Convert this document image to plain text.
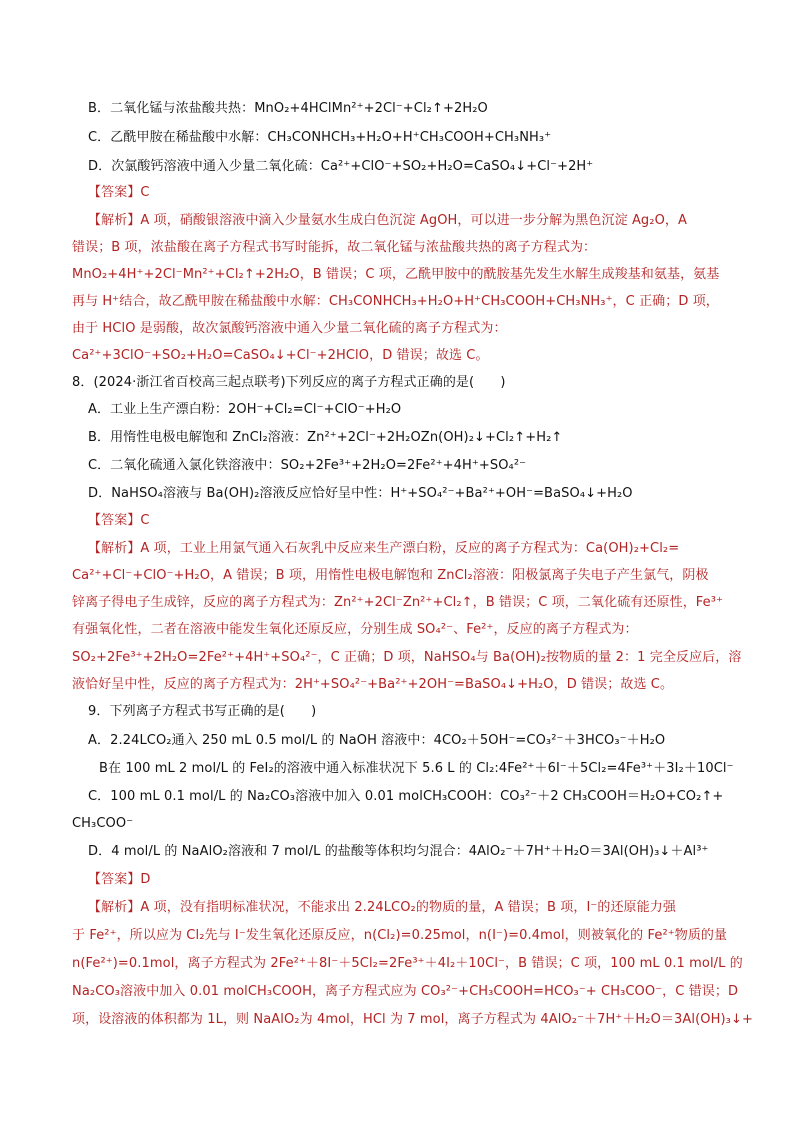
B．二氧化锰与浓盐酸共热：MnO₂+4HClMn²⁺+2Cl⁻+Cl₂↑+2H₂O
C．乙酰甲胺在稀盐酸中水解：CH₃CONHCH₃+H₂O+H⁺CH₃COOH+CH₃NH₃⁺
D．次氯酸钙溶液中通入少量二氧化硫：Ca²⁺+ClO⁻+SO₂+H₂O=CaSO₄↓+Cl⁻+2H⁺
【答案】C
【解析】A 项，硝酸银溶液中滴入少量氨水生成白色沉淀 AgOH，可以进一步分解为黑色沉淀 Ag₂O，A
错误；B 项，浓盐酸在离子方程式书写时能拆，故二氧化锰与浓盐酸共热的离子方程式为：
MnO₂+4H⁺+2Cl⁻Mn²⁺+Cl₂↑+2H₂O，B 错误；C 项，乙酰甲胺中的酰胺基先发生水解生成羧基和氨基，氨基
再与 H⁺结合，故乙酰甲胺在稀盐酸中水解：CH₃CONHCH₃+H₂O+H⁺CH₃COOH+CH₃NH₃⁺，C 正确；D 项，
由于 HClO 是弱酸，故次氯酸钙溶液中通入少量二氧化硫的离子方程式为：
Ca²⁺+3ClO⁻+SO₂+H₂O=CaSO₄↓+Cl⁻+2HClO，D 错误；故选 C。
8．(2024·浙江省百校高三起点联考)下列反应的离子方程式正确的是(　　)
A．工业上生产漂白粉：2OH⁻+Cl₂=Cl⁻+ClO⁻+H₂O
B．用惰性电极电解饱和 ZnCl₂溶液：Zn²⁺+2Cl⁻+2H₂OZn(OH)₂↓+Cl₂↑+H₂↑
C．二氧化硫通入氯化铁溶液中：SO₂+2Fe³⁺+2H₂O=2Fe²⁺+4H⁺+SO₄²⁻
D．NaHSO₄溶液与 Ba(OH)₂溶液反应恰好呈中性：H⁺+SO₄²⁻+Ba²⁺+OH⁻=BaSO₄↓+H₂O
【答案】C
【解析】A 项，工业上用氯气通入石灰乳中反应来生产漂白粉，反应的离子方程式为：Ca(OH)₂+Cl₂=
Ca²⁺+Cl⁻+ClO⁻+H₂O，A 错误；B 项，用惰性电极电解饱和 ZnCl₂溶液：阳极氯离子失电子产生氯气，阴极
锌离子得电子生成锌，反应的离子方程式为：Zn²⁺+2Cl⁻Zn²⁺+Cl₂↑，B 错误；C 项，二氧化硫有还原性，Fe³⁺
有强氧化性，二者在溶液中能发生氧化还原反应，分别生成 SO₄²⁻、Fe²⁺，反应的离子方程式为：
SO₂+2Fe³⁺+2H₂O=2Fe²⁺+4H⁺+SO₄²⁻，C 正确；D 项，NaHSO₄与 Ba(OH)₂按物质的量 2：1 完全反应后，溶
液恰好呈中性，反应的离子方程式为：2H⁺+SO₄²⁻+Ba²⁺+2OH⁻=BaSO₄↓+H₂O，D 错误；故选 C。
9．下列离子方程式书写正确的是(　　)
A．2.24LCO₂通入 250 mL 0.5 mol/L 的 NaOH 溶液中：4CO₂＋5OH⁻=CO₃²⁻＋3HCO₃⁻＋H₂O
B在 100 mL 2 mol/L 的 FeI₂的溶液中通入标准状况下 5.6 L 的 Cl₂:4Fe²⁺＋6I⁻＋5Cl₂=4Fe³⁺＋3I₂＋10Cl⁻
C．100 mL 0.1 mol/L 的 Na₂CO₃溶液中加入 0.01 molCH₃COOH：CO₃²⁻＋2 CH₃COOH＝H₂O+CO₂↑+
CH₃COO⁻
D．4 mol/L 的 NaAlO₂溶液和 7 mol/L 的盐酸等体积均匀混合：4AlO₂⁻＋7H⁺＋H₂O＝3Al(OH)₃↓＋Al³⁺
【答案】D
【解析】A 项，没有指明标准状况，不能求出 2.24LCO₂的物质的量，A 错误；B 项，I⁻的还原能力强
于 Fe²⁺，所以应为 Cl₂先与 I⁻发生氧化还原反应，n(Cl₂)=0.25mol，n(I⁻)=0.4mol，则被氧化的 Fe²⁺物质的量
n(Fe²⁺)=0.1mol，离子方程式为 2Fe²⁺＋8I⁻＋5Cl₂=2Fe³⁺＋4I₂＋10Cl⁻，B 错误；C 项，100 mL 0.1 mol/L 的
Na₂CO₃溶液中加入 0.01 molCH₃COOH，离子方程式应为 CO₃²⁻+CH₃COOH=HCO₃⁻+ CH₃COO⁻，C 错误；D
项，设溶液的体积都为 1L，则 NaAlO₂为 4mol，HCl 为 7 mol，离子方程式为 4AlO₂⁻＋7H⁺＋H₂O＝3Al(OH)₃↓+
